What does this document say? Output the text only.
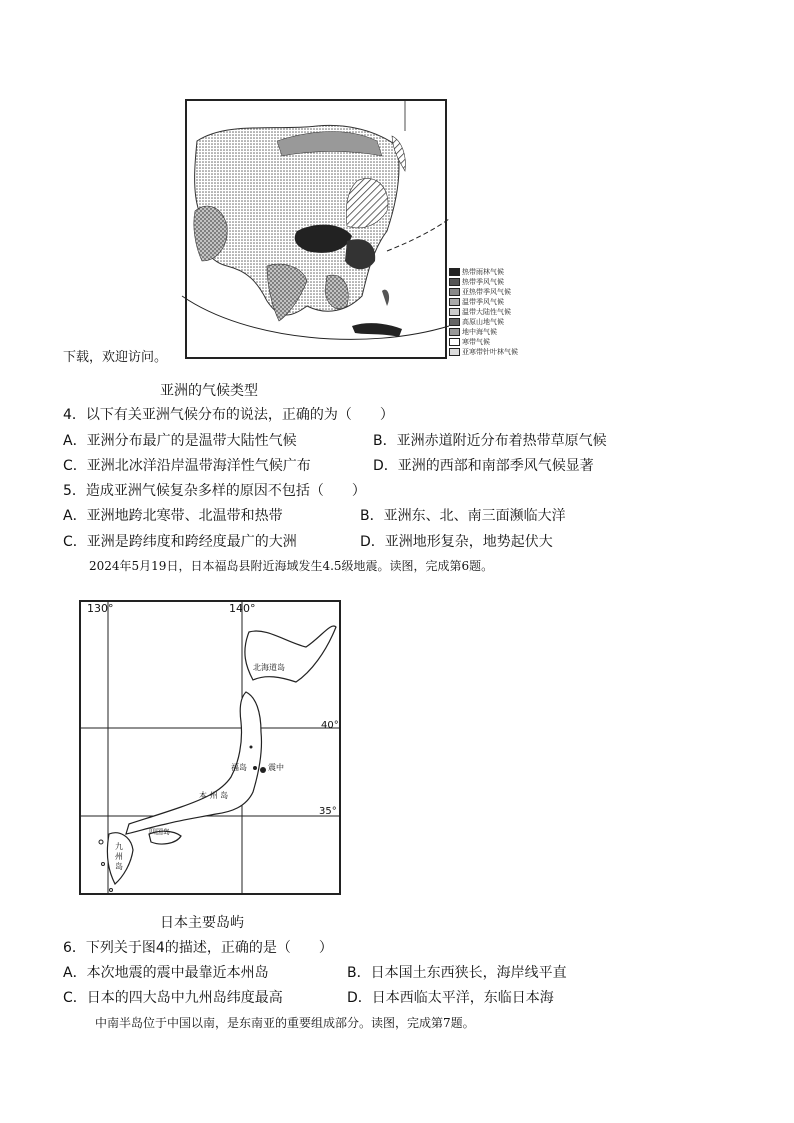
热带雨林气候
热带季风气候
亚热带季风气候
温带季风气候
温带大陆性气候
高原山地气候
地中海气候
寒带气候
亚寒带针叶林气候
下载，欢迎访问。
亚洲的气候类型
4．以下有关亚洲气候分布的说法，正确的为（　　）
A．亚洲分布最广的是温带大陆性气候	B．亚洲赤道附近分布着热带草原气候
C．亚洲北冰洋沿岸温带海洋性气候广布	D．亚洲的西部和南部季风气候显著
5．造成亚洲气候复杂多样的原因不包括（　　）
A．亚洲地跨北寒带、北温带和热带	B．亚洲东、北、南三面濒临大洋
C．亚洲是跨纬度和跨经度最广的大洲	D．亚洲地形复杂，地势起伏大
2024年5月19日，日本福岛县附近海域发生4.5级地震。读图，完成第6题。
130°	140°
40°
35°
北海道岛
本 州 岛
四国岛
九州岛
福岛	震中
日本主要岛屿
6．下列关于图4的描述，正确的是（　　）
A．本次地震的震中最靠近本州岛	B．日本国土东西狭长，海岸线平直
C．日本的四大岛中九州岛纬度最高	D．日本西临太平洋，东临日本海
中南半岛位于中国以南，是东南亚的重要组成部分。读图，完成第7题。
